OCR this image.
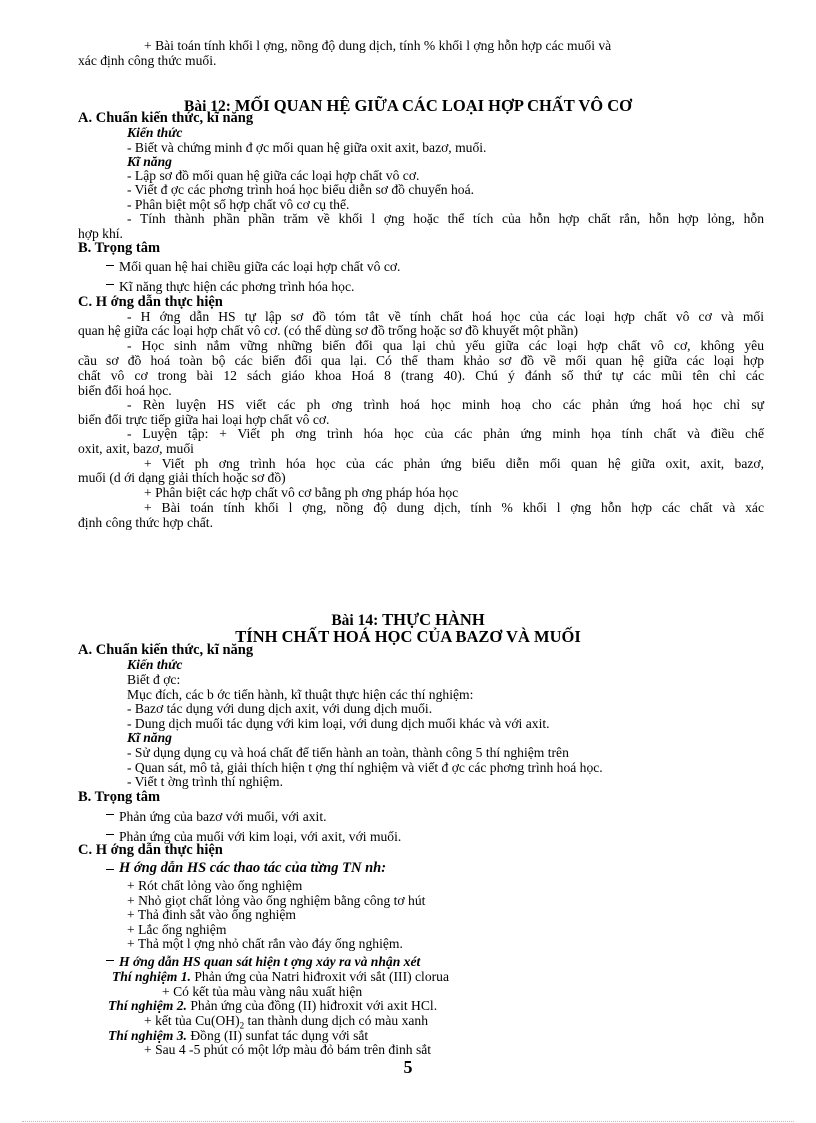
+ Bài toán tính khối l ợng, nồng độ dung dịch, tính % khối l ợng hỗn hợp các muối và
xác định công thức muối.
Bài 12: MỐI QUAN HỆ GIỮA CÁC LOẠI HỢP CHẤT VÔ CƠ
A. Chuẩn kiến thức, kĩ năng
Kiến thức
- Biết và chứng minh đ ợc mối quan hệ giữa oxit axit, bazơ, muối.
Kĩ năng
- Lập sơ đồ mối quan hệ giữa các loại hợp chất vô cơ.
- Viết đ ợc các phơng trình hoá học biểu diễn sơ đồ chuyển hoá.
- Phân biệt một số hợp chất vô cơ cụ thể.
- Tính thành phần phần trăm về khối l ợng hoặc thể tích của hỗn hợp chất rắn, hỗn hợp lỏng, hỗn
hợp khí.
B. Trọng tâm
Mối quan hệ hai chiều giữa các loại hợp chất vô cơ.
Kĩ năng thực hiện các phơng trình hóa học.
C. H ớng dẫn thực hiện
- H ớng dẫn HS tự lập sơ đồ tóm tắt về tính chất hoá học của các loại hợp chất vô cơ và mối
quan hệ giữa các loại hợp chất vô cơ. (có thể dùng sơ đồ trống hoặc sơ đồ khuyết một phần)
- Học sinh nắm vững những biến đổi qua lại chủ yếu giữa các loại hợp chất vô cơ, không yêu
cầu sơ đồ hoá toàn bộ các biến đổi qua lại. Có thể tham khảo sơ đồ về mối quan hệ giữa các loại hợp
chất vô cơ trong bài 12 sách giáo khoa Hoá 8 (trang 40). Chú ý đánh số thứ tự các mũi tên chỉ các
biến đổi hoá học.
- Rèn luyện HS viết các ph ơng trình hoá học minh hoạ cho các phản ứng hoá học chỉ sự
biến đổi trực tiếp giữa hai loại hợp chất vô cơ.
- Luyện tập: + Viết ph ơng trình hóa học của các phản ứng minh họa tính chất và điều chế
oxit, axit, bazơ, muối
+ Viết ph ơng trình hóa học của các phản ứng biểu diễn mối quan hệ giữa oxit, axit, bazơ,
muối (d ới dạng giải thích hoặc sơ đồ)
+ Phân biệt các hợp chất vô cơ bằng ph ơng pháp hóa học
+ Bài toán tính khối l ợng, nồng độ dung dịch, tính % khối l ợng hỗn hợp các chất và xác
định công thức hợp chất.
Bài 14: THỰC HÀNH
TÍNH CHẤT HOÁ HỌC CỦA BAZƠ VÀ MUỐI
A. Chuẩn kiến thức, kĩ năng
Kiến thức
Biết đ ợc:
Mục đích, các b ớc tiến hành, kĩ thuật thực hiện các thí nghiệm:
- Bazơ tác dụng với dung dịch axit, với dung dịch muối.
- Dung dịch muối tác dụng với kim loại, với dung dịch muối khác và với axit.
Kĩ năng
- Sử dụng dụng cụ và hoá chất để tiến hành an toàn, thành công 5 thí nghiệm trên
- Quan sát, mô tả, giải thích hiện t ợng thí nghiệm và viết đ ợc các phơng trình hoá học.
- Viết t ờng trình thí nghiệm.
B. Trọng tâm
Phản ứng của bazơ với muối, với axit.
Phản ứng của muối với kim loại, với axit, với muối.
C. H ớng dẫn thực hiện
H ớng dẫn HS các thao tác của từng TN nh:
+ Rót chất lỏng vào ống nghiệm
+ Nhỏ giọt chất lỏng vào ống nghiệm bằng công tơ hút
+ Thả đinh sắt vào ống nghiệm
+ Lắc ống nghiệm
+ Thả một l ợng nhỏ chất rắn vào đáy ống nghiệm.
H ớng dẫn HS quan sát hiện t ợng xảy ra và nhận xét
Thí nghiệm 1. Phản ứng của Natri hiđroxit với sắt (III) clorua
+ Có kết tủa màu vàng nâu xuất hiện
Thí nghiệm 2. Phản ứng của đồng (II) hiđroxit với axit HCl.
+ kết tủa $Cu(OH)_2$ tan thành dung dịch có màu xanh
Thí nghiệm 3. Đồng (II) sunfat tác dụng với sắt
+ Sau 4 -5 phút có một lớp màu đỏ bám trên đinh sắt
5
